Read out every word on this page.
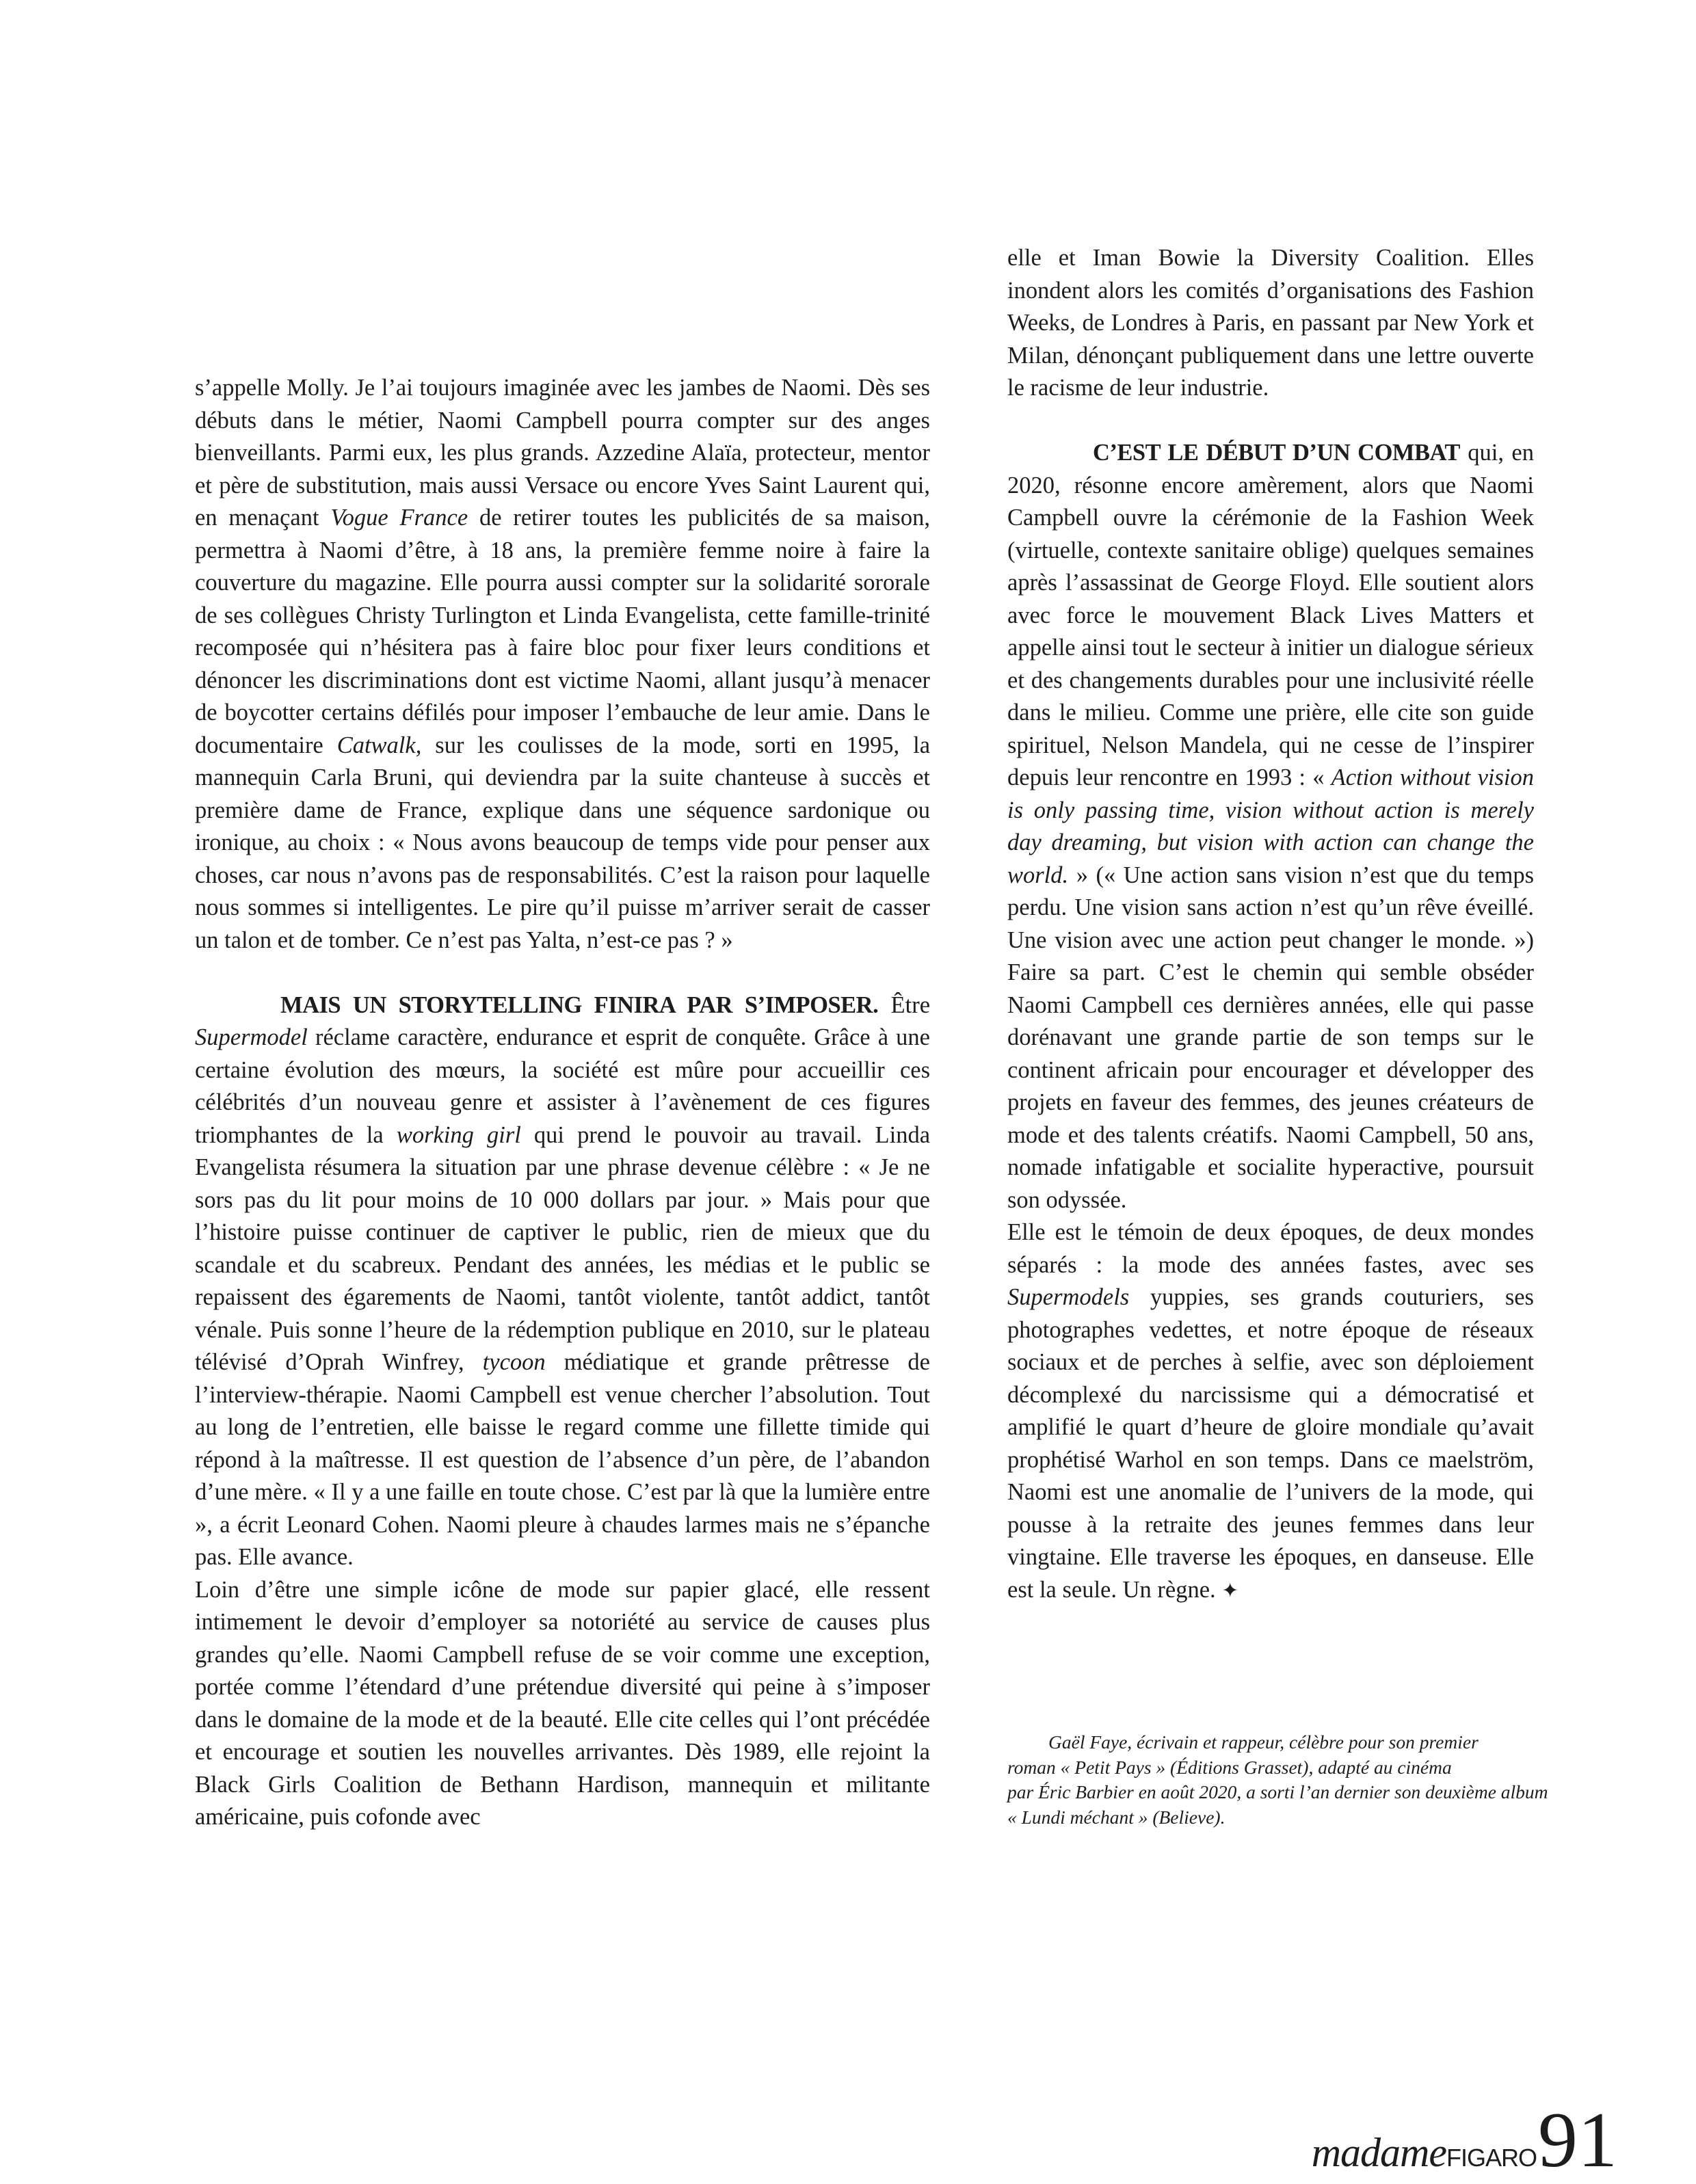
s’appelle Molly. Je l’ai toujours imaginée avec les jambes de Naomi. Dès ses débuts dans le métier, Naomi Campbell pourra compter sur des anges bienveillants. Parmi eux, les plus grands. Azzedine Alaïa, protecteur, mentor et père de substitution, mais aussi Versace ou encore Yves Saint Laurent qui, en menaçant Vogue France de retirer toutes les publicités de sa maison, permettra à Naomi d’être, à 18 ans, la première femme noire à faire la couverture du magazine. Elle pourra aussi compter sur la solidarité sororale de ses collègues Christy Turlington et Linda Evangelista, cette famille-trinité recomposée qui n’hésitera pas à faire bloc pour fixer leurs conditions et dénoncer les discriminations dont est victime Naomi, allant jusqu’à menacer de boycotter certains défilés pour imposer l’embauche de leur amie. Dans le documentaire Catwalk, sur les coulisses de la mode, sorti en 1995, la mannequin Carla Bruni, qui deviendra par la suite chanteuse à succès et première dame de France, explique dans une séquence sardonique ou ironique, au choix : « Nous avons beaucoup de temps vide pour penser aux choses, car nous n’avons pas de responsabilités. C’est la raison pour laquelle nous sommes si intelligentes. Le pire qu’il puisse m’arriver serait de casser un talon et de tomber. Ce n’est pas Yalta, n’est-ce pas ? »

MAIS UN STORYTELLING FINIRA PAR S’IMPOSER. Être Supermodel réclame caractère, endurance et esprit de conquête. Grâce à une certaine évolution des mœurs, la société est mûre pour accueillir ces célébrités d’un nouveau genre et assister à l’avènement de ces figures triomphantes de la working girl qui prend le pouvoir au travail. Linda Evangelista résumera la situation par une phrase devenue célèbre : « Je ne sors pas du lit pour moins de 10 000 dollars par jour. » Mais pour que l’histoire puisse continuer de captiver le public, rien de mieux que du scandale et du scabreux. Pendant des années, les médias et le public se repaissent des égarements de Naomi, tantôt violente, tantôt addict, tantôt vénale. Puis sonne l’heure de la rédemption publique en 2010, sur le plateau télévisé d’Oprah Winfrey, tycoon médiatique et grande prêtresse de l’interview-thérapie. Naomi Campbell est venue chercher l’absolution. Tout au long de l’entretien, elle baisse le regard comme une fillette timide qui répond à la maîtresse. Il est question de l’absence d’un père, de l’abandon d’une mère. « Il y a une faille en toute chose. C’est par là que la lumière entre », a écrit Leonard Cohen. Naomi pleure à chaudes larmes mais ne s’épanche pas. Elle avance.

Loin d’être une simple icône de mode sur papier glacé, elle ressent intimement le devoir d’employer sa notoriété au service de causes plus grandes qu’elle. Naomi Campbell refuse de se voir comme une exception, portée comme l’étendard d’une prétendue diversité qui peine à s’imposer dans le domaine de la mode et de la beauté. Elle cite celles qui l’ont précédée et encourage et soutien les nouvelles arrivantes. Dès 1989, elle rejoint la Black Girls Coalition de Bethann Hardison, mannequin et militante américaine, puis cofonde avec

elle et Iman Bowie la Diversity Coalition. Elles inondent alors les comités d’organisations des Fashion Weeks, de Londres à Paris, en passant par New York et Milan, dénonçant publiquement dans une lettre ouverte le racisme de leur industrie.

C’EST LE DÉBUT D’UN COMBAT qui, en 2020, résonne encore amèrement, alors que Naomi Campbell ouvre la cérémonie de la Fashion Week (virtuelle, contexte sanitaire oblige) quelques semaines après l’assassinat de George Floyd. Elle soutient alors avec force le mouvement Black Lives Matters et appelle ainsi tout le secteur à initier un dialogue sérieux et des changements durables pour une inclusivité réelle dans le milieu. Comme une prière, elle cite son guide spirituel, Nelson Mandela, qui ne cesse de l’inspirer depuis leur rencontre en 1993 : « Action without vision is only passing time, vision without action is merely day dreaming, but vision with action can change the world. » (« Une action sans vision n’est que du temps perdu. Une vision sans action n’est qu’un rêve éveillé. Une vision avec une action peut changer le monde. ») Faire sa part. C’est le chemin qui semble obséder Naomi Campbell ces dernières années, elle qui passe dorénavant une grande partie de son temps sur le continent africain pour encourager et développer des projets en faveur des femmes, des jeunes créateurs de mode et des talents créatifs. Naomi Campbell, 50 ans, nomade infatigable et socialite hyperactive, poursuit son odyssée.

Elle est le témoin de deux époques, de deux mondes séparés : la mode des années fastes, avec ses Supermodels yuppies, ses grands couturiers, ses photographes vedettes, et notre époque de réseaux sociaux et de perches à selfie, avec son déploiement décomplexé du narcissisme qui a démocratisé et amplifié le quart d’heure de gloire mondiale qu’avait prophétisé Warhol en son temps. Dans ce maelström, Naomi est une anomalie de l’univers de la mode, qui pousse à la retraite des jeunes femmes dans leur vingtaine. Elle traverse les époques, en danseuse. Elle est la seule. Un règne. ✦

Gaël Faye, écrivain et rappeur, célèbre pour son premier
roman « Petit Pays » (Éditions Grasset), adapté au cinéma
par Éric Barbier en août 2020, a sorti l’an dernier son deuxième album
« Lundi méchant » (Believe).
madame FIGARO 91
